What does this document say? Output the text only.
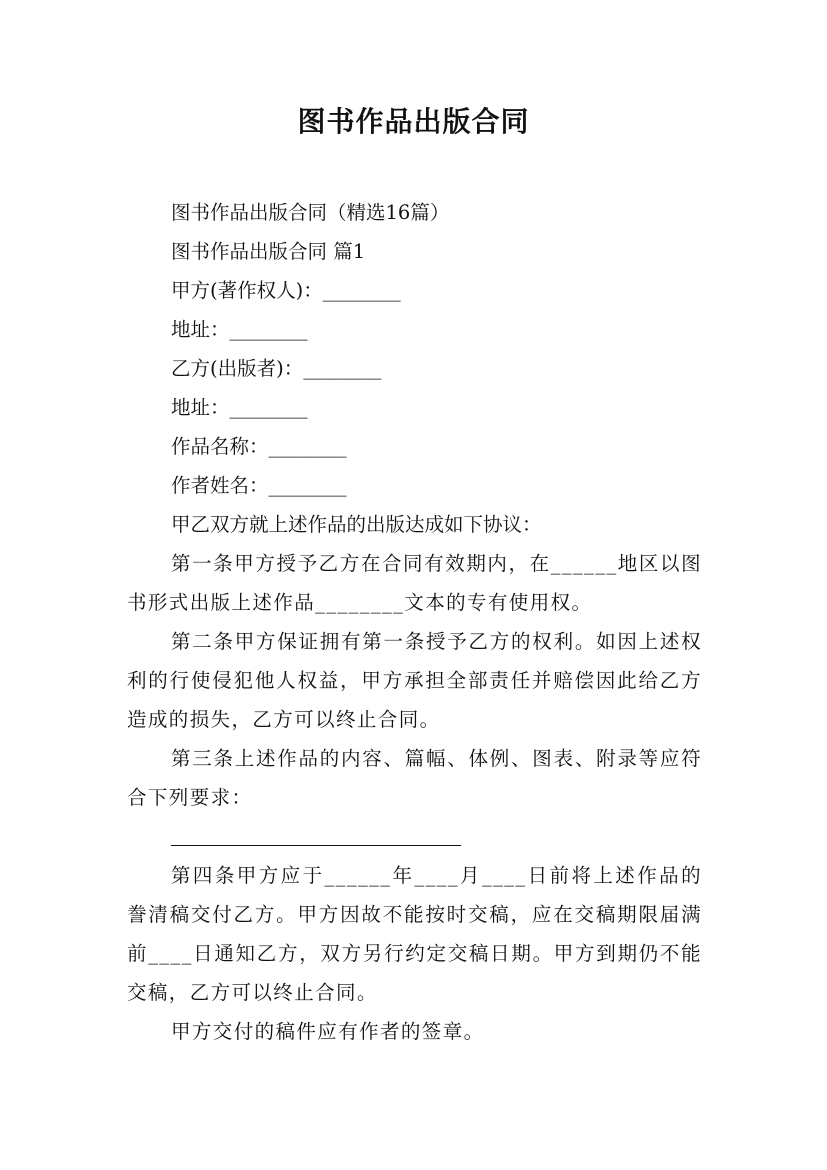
图书作品出版合同
图书作品出版合同（精选16篇）
图书作品出版合同 篇1
甲方(著作权人)：________
地址：________
乙方(出版者)：________
地址：________
作品名称：________
作者姓名：________
甲乙双方就上述作品的出版达成如下协议：
第一条甲方授予乙方在合同有效期内，在______地区以图书形式出版上述作品________文本的专有使用权。
第二条甲方保证拥有第一条授予乙方的权利。如因上述权利的行使侵犯他人权益，甲方承担全部责任并赔偿因此给乙方造成的损失，乙方可以终止合同。
第三条上述作品的内容、篇幅、体例、图表、附录等应符合下列要求：
第四条甲方应于______年____月____日前将上述作品的誊清稿交付乙方。甲方因故不能按时交稿，应在交稿期限届满前____日通知乙方，双方另行约定交稿日期。甲方到期仍不能交稿，乙方可以终止合同。
甲方交付的稿件应有作者的签章。
